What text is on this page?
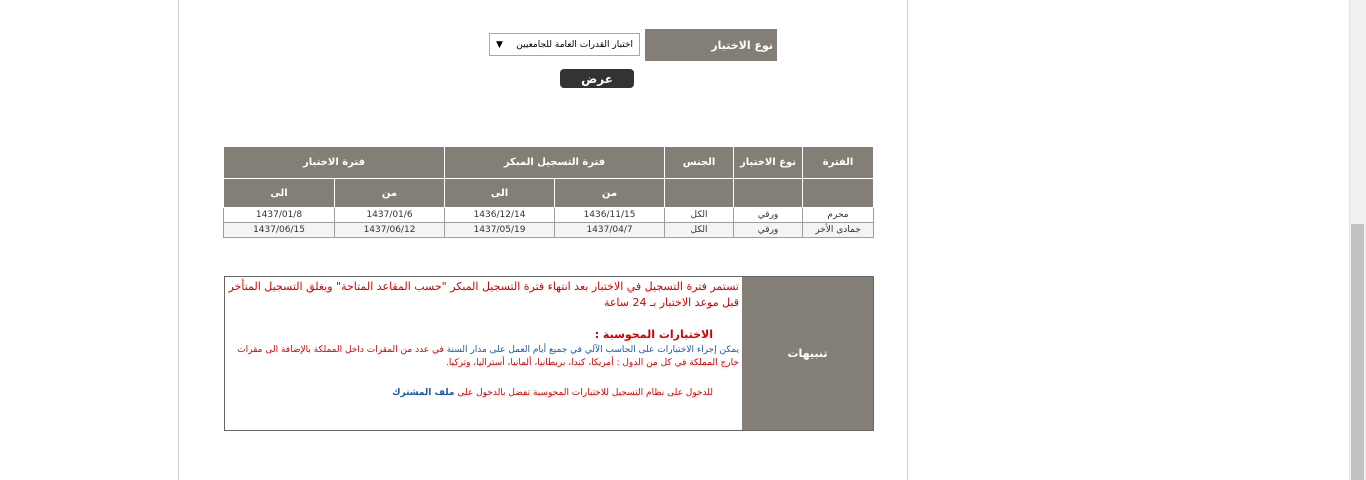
نوع الاختبار
اختبار القدرات العامة للجامعيين
▼
عرض
الفترة	نوع الاختبار	الجنس	فترة التسجيل المبكر		فترة الاختبار	
			من	الى	من	الى
محرم	ورقي	الكل	1436/11/15	1436/12/14	1437/01/6	1437/01/8
جمادى الأخر	ورقي	الكل	1437/04/7	1437/05/19	1437/06/12	1437/06/15
تنبيهات

تستمر فترة التسجيل في الاختبار بعد انتهاء فترة التسجيل المبكر "حسب المقاعد المتاحة" ويغلق التسجيل المتأخر قبل موعد الاختبار بـ 24 ساعة

الاختبارات المحوسبة :

يمكن إجراء الاختبارات على الحاسب الآلي في جميع أيام العمل على مدار السنة في عدد من المقرات داخل المملكة بالإضافة الى مقرات خارج المملكة في كل من الدول : أمريكا، كندا، بريطانيا، ألمانيا، أستراليا، وتركيا.

للدخول على نظام التسجيل للاختبارات المحوسبة تفضل بالدخول على ملف المشترك
